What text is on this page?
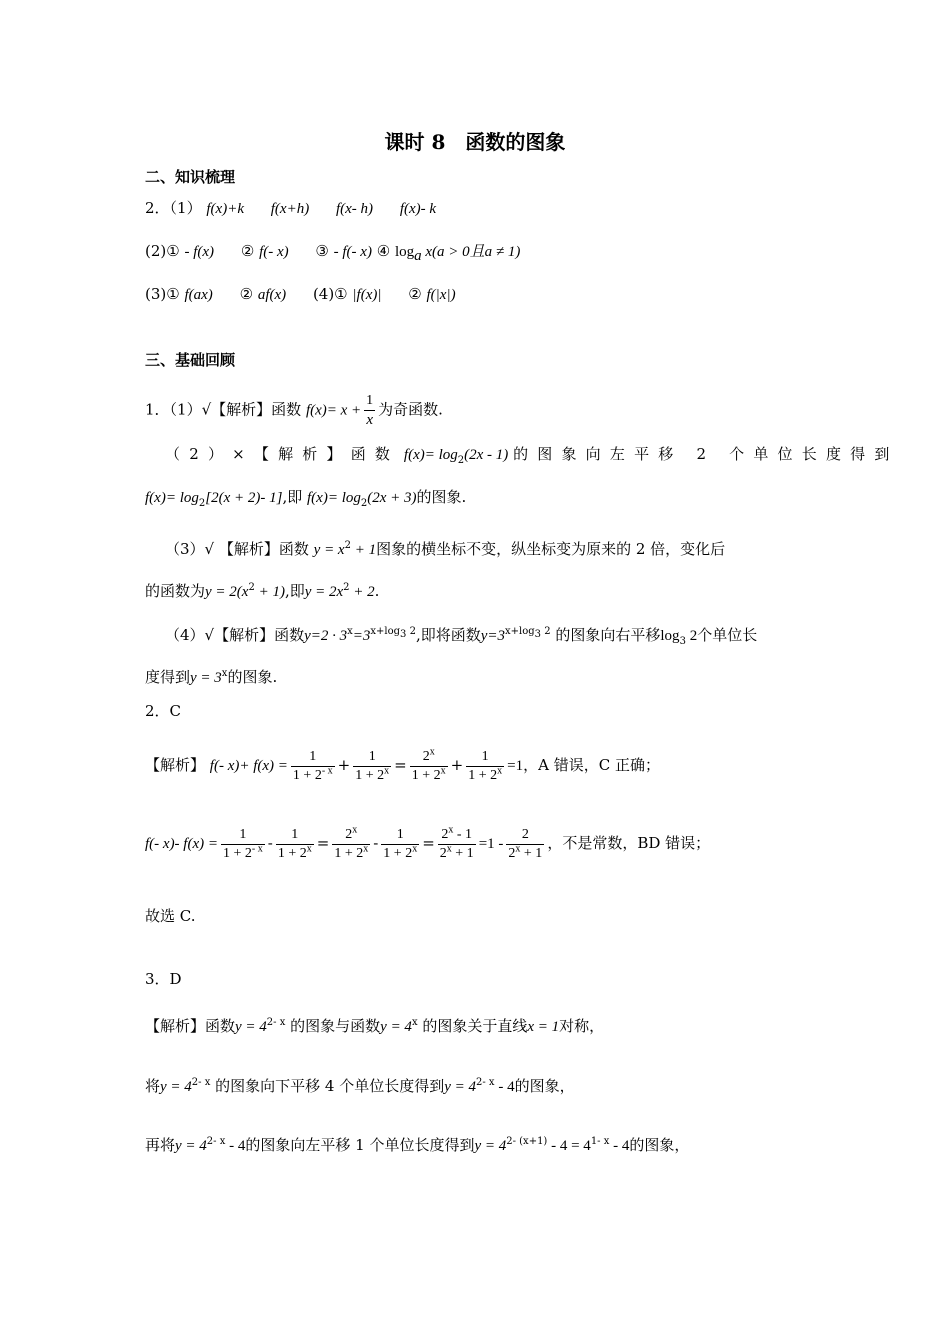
课时 8　函数的图象
二、知识梳理
2．（1） f(x)+k f(x+h) f(x- h) f(x)- k
(2)① - f(x) ② f(- x) ③ - f(- x) ④ $\log_a x(a > 0$且a ≠ 1)
(3)① f(ax) ② af(x) (4)① |f(x)| ② f(|x|)
三、基础回顾
1．（1）√【解析】函数 $f(x)= x + \frac{1}{x}$ 为奇函数.
（2）×【解析】函数 $f(x)= \log_2(2x - 1)$ 的图象向左平移 2 个单位长度得到
$f(x)= \log_2[2(x + 2)-$ 1],即 $f(x)= \log_2(2x + 3)$的图象.
（3）√ 【解析】函数 $y = x^2 + 1$图象的横坐标不变，纵坐标变为原来的 2 倍，变化后
的函数为$y = 2(x^2 + 1)$,即$y = 2x^2 + 2$.
（4）√【解析】函数$y=2 \cdot 3^x=3^{x+log_3 2}$,即将函数$y=3^{x+log_3 2}$ 的图象向右平移$\log_3 2$个单位长
度得到$y = 3^x$的图象.
2．C
【解析】 f(- $x)+ f(x) = \frac{1}{1 + 2^{- x}} + \frac{1}{1 + 2^x} = \frac{2^x}{1 + 2^x} + \frac{1}{1 + 2^x} =1$，A 错误，C 正确；
f(- x)- $f(x) = \frac{1}{1 + 2^{- x}} - \frac{1}{1 + 2^x} = \frac{2^x}{1 + 2^x} - \frac{1}{1 + 2^x} = \frac{2^x - 1}{2^x + 1} =1 - \frac{2}{2^x + 1}$ ，不是常数，BD 错误；
故选 C.
3．D
【解析】函数$y = 4^{2- x}$ 的图象与函数$y = 4^x$ 的图象关于直线x = 1对称，
将$y = 4^{2- x}$ 的图象向下平移 4 个单位长度得到$y = 4^{2- x} - 4$的图象，
再将$y = 4^{2- x} - 4$的图象向左平移 1 个单位长度得到$y = 4^{2- (x+1)} - 4 = 4^{1- x} - 4$的图象，
